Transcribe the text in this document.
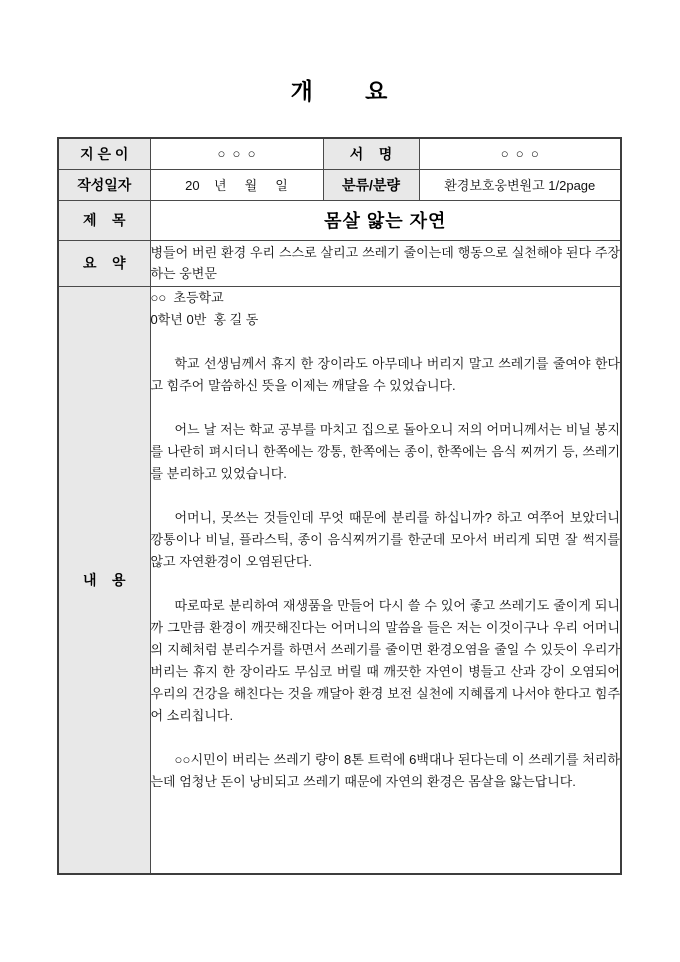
개      요
지 은 이	○  ○  ○	서    명	○  ○  ○
작성일자	20    년     월     일	분류/분량	환경보호웅변원고 1/2page
제    목	몸살 앓는 자연		
요    약	병들어 버린 환경 우리 스스로 살리고 쓰레기 줄이는데 행동으로 실천해야 된다 주장하는 웅변문		
내    용	

○○  초등학교

0학년 0반  홍 길 동

학교 선생님께서 휴지 한 장이라도 아무데나 버리지 말고 쓰레기를 줄여야 한다고 힘주어 말씀하신 뜻을 이제는 깨달을 수 있었습니다.

어느 날 저는 학교 공부를 마치고 집으로 돌아오니 저의 어머니께서는 비닐 봉지를 나란히 펴시더니 한쪽에는 깡통, 한쪽에는 종이, 한쪽에는 음식 찌꺼기 등, 쓰레기를 분리하고 있었습니다.

어머니, 못쓰는 것들인데 무엇 때문에 분리를 하십니까? 하고 여쭈어 보았더니 깡통이나 비닐, 플라스틱, 종이 음식찌꺼기를 한군데 모아서 버리게 되면 잘 썩지를 않고 자연환경이 오염된단다.

따로따로 분리하여 재생품을 만들어 다시 쓸 수 있어 좋고 쓰레기도 줄이게 되니까 그만큼 환경이 깨끗해진다는 어머니의 말씀을 들은 저는 이것이구나 우리 어머니의 지혜처럼 분리수거를 하면서 쓰레기를 줄이면 환경오염을 줄일 수 있듯이 우리가 버리는 휴지 한 장이라도 무심코 버릴 때 깨끗한 자연이 병들고 산과 강이 오염되어 우리의 건강을 해친다는 것을 깨달아 환경 보전 실천에 지혜롭게 나서야 한다고 힘주어 소리칩니다.

○○시민이 버리는 쓰레기 량이 8톤 트럭에 6백대나 된다는데 이 쓰레기를 처리하는데 엄청난 돈이 낭비되고 쓰레기 때문에 자연의 환경은 몸살을 앓는답니다.
